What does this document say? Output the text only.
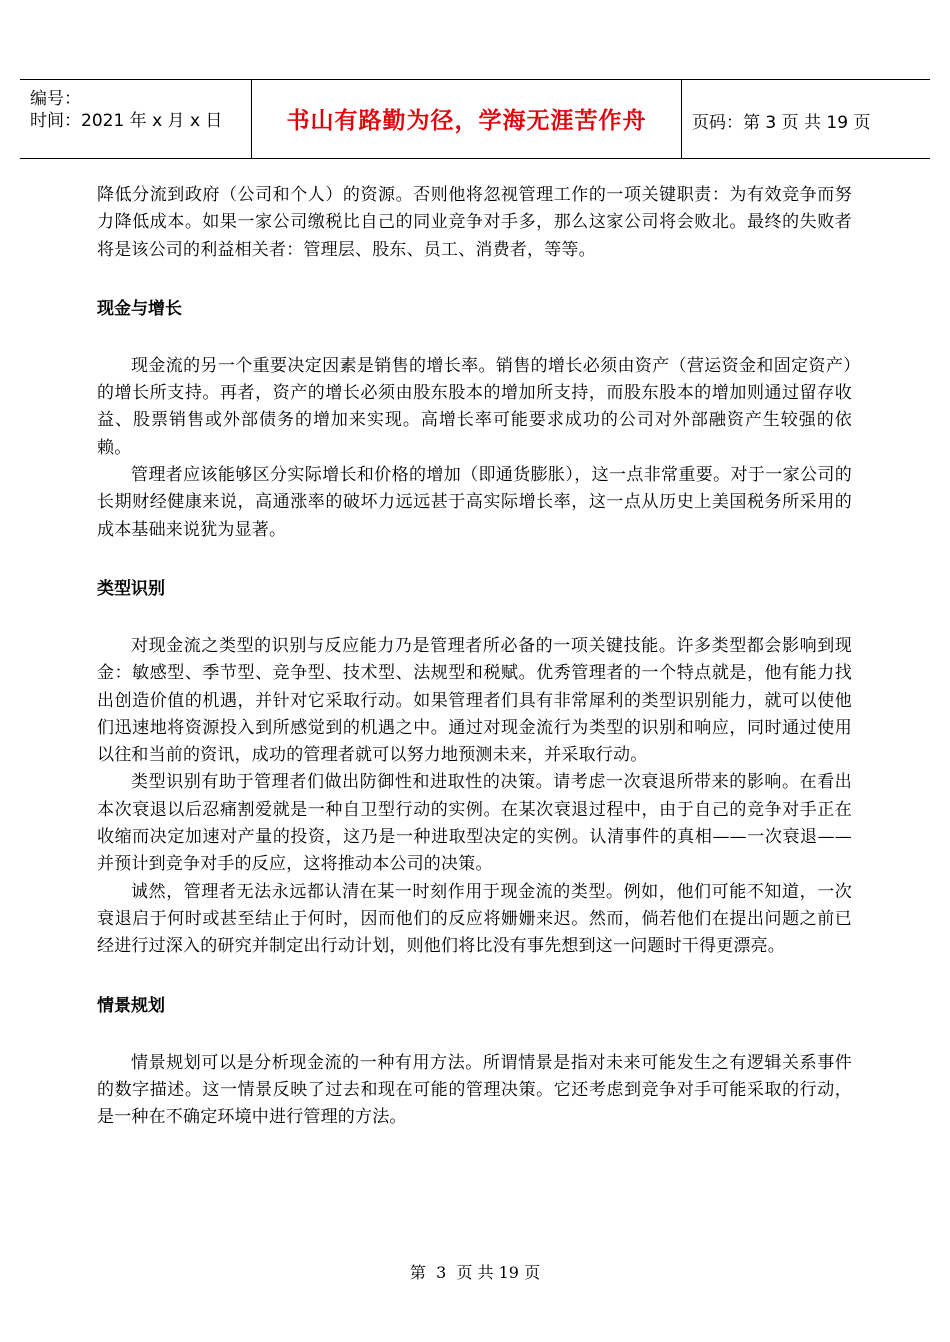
编号：
时间：2021 年 x 月 x 日	书山有路勤为径，学海无涯苦作舟	页码：第 3 页 共 19 页

降低分流到政府（公司和个人）的资源。否则他将忽视管理工作的一项关键职责：为有效竞争而努力降低成本。如果一家公司缴税比自己的同业竞争对手多，那么这家公司将会败北。最终的失败者将是该公司的利益相关者：管理层、股东、员工、消费者，等等。

现金与增长

现金流的另一个重要决定因素是销售的增长率。销售的增长必须由资产（营运资金和固定资产）的增长所支持。再者，资产的增长必须由股东股本的增加所支持，而股东股本的增加则通过留存收益、股票销售或外部债务的增加来实现。高增长率可能要求成功的公司对外部融资产生较强的依赖。

管理者应该能够区分实际增长和价格的增加（即通货膨胀），这一点非常重要。对于一家公司的长期财经健康来说，高通涨率的破坏力远远甚于高实际增长率，这一点从历史上美国税务所采用的成本基础来说犹为显著。

类型识别

对现金流之类型的识别与反应能力乃是管理者所必备的一项关键技能。许多类型都会影响到现金：敏感型、季节型、竞争型、技术型、法规型和税赋。优秀管理者的一个特点就是，他有能力找出创造价值的机遇，并针对它采取行动。如果管理者们具有非常犀利的类型识别能力，就可以使他们迅速地将资源投入到所感觉到的机遇之中。通过对现金流行为类型的识别和响应，同时通过使用以往和当前的资讯，成功的管理者就可以努力地预测未来，并采取行动。

类型识别有助于管理者们做出防御性和进取性的决策。请考虑一次衰退所带来的影响。在看出本次衰退以后忍痛割爱就是一种自卫型行动的实例。在某次衰退过程中，由于自己的竞争对手正在收缩而决定加速对产量的投资，这乃是一种进取型决定的实例。认清事件的真相——一次衰退——并预计到竞争对手的反应，这将推动本公司的决策。

诚然，管理者无法永远都认清在某一时刻作用于现金流的类型。例如，他们可能不知道，一次衰退启于何时或甚至结止于何时，因而他们的反应将姗姗来迟。然而，倘若他们在提出问题之前已经进行过深入的研究并制定出行动计划，则他们将比没有事先想到这一问题时干得更漂亮。

情景规划

情景规划可以是分析现金流的一种有用方法。所谓情景是指对未来可能发生之有逻辑关系事件的数字描述。这一情景反映了过去和现在可能的管理决策。它还考虑到竞争对手可能采取的行动，是一种在不确定环境中进行管理的方法。

第  3  页 共 19 页
